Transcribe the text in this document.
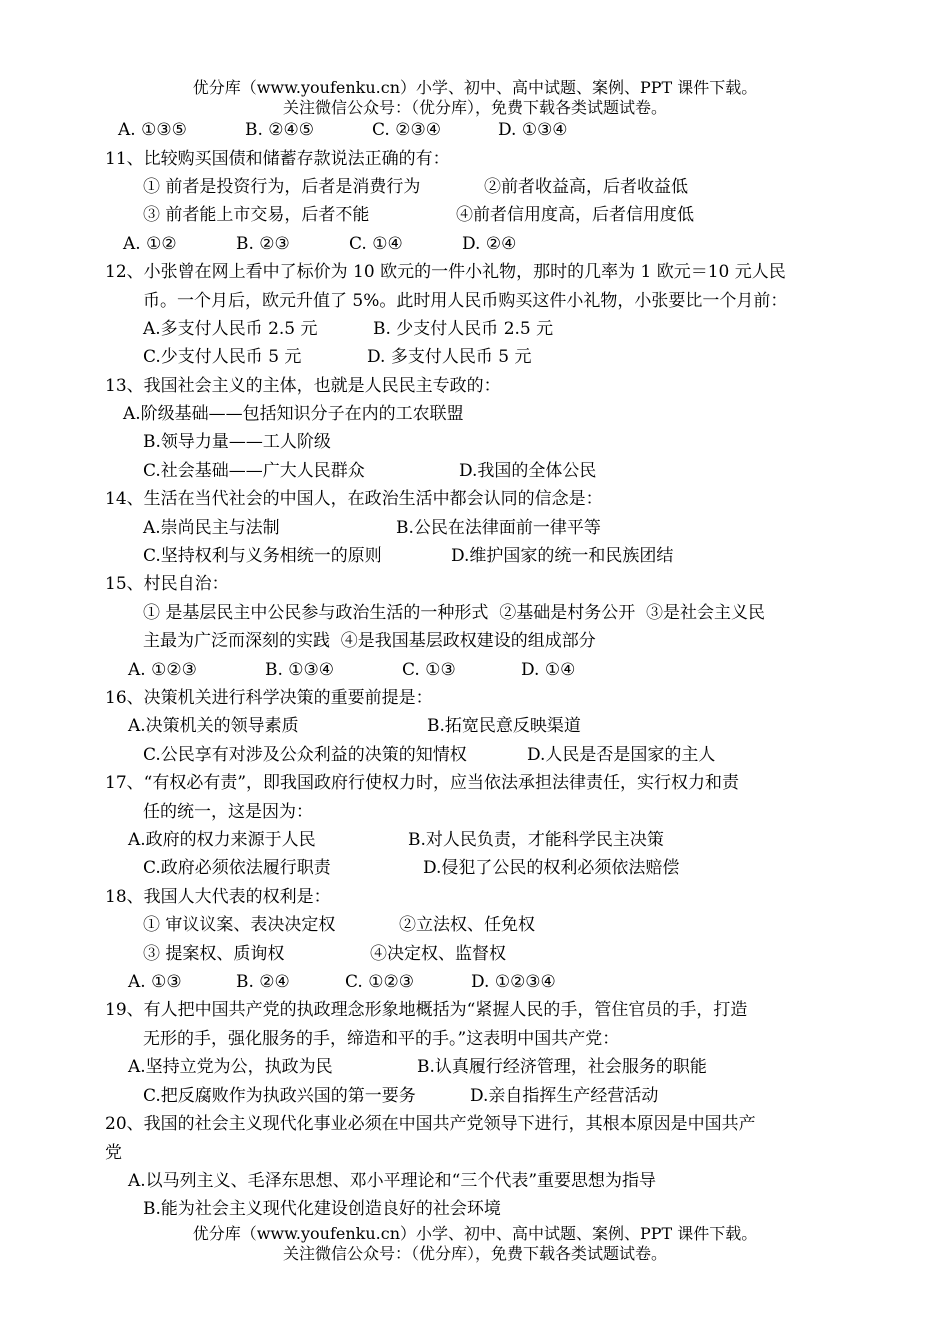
优分库（www.youfenku.cn）小学、初中、高中试题、案例、PPT 课件下载。
关注微信公众号：（优分库），免费下载各类试题试卷。
A. ①③⑤	B. ②④⑤	C. ②③④	D. ①③④
11、比较购买国债和储蓄存款说法正确的有：
① 前者是投资行为，后者是消费行为	②前者收益高，后者收益低
③ 前者能上市交易，后者不能	④前者信用度高，后者信用度低
A. ①②	B. ②③	C. ①④	D. ②④
12、小张曾在网上看中了标价为 10 欧元的一件小礼物，那时的几率为 1 欧元＝10 元人民
币。一个月后，欧元升值了 5%。此时用人民币购买这件小礼物，小张要比一个月前：
A.多支付人民币 2.5 元	B. 少支付人民币 2.5 元
C.少支付人民币 5 元	D. 多支付人民币 5 元
13、我国社会主义的主体，也就是人民民主专政的：
A.阶级基础——包括知识分子在内的工农联盟
B.领导力量——工人阶级
C.社会基础——广大人民群众	D.我国的全体公民
14、生活在当代社会的中国人，在政治生活中都会认同的信念是：
A.崇尚民主与法制	B.公民在法律面前一律平等
C.坚持权利与义务相统一的原则	D.维护国家的统一和民族团结
15、村民自治：
① 是基层民主中公民参与政治生活的一种形式  ②基础是村务公开  ③是社会主义民
主最为广泛而深刻的实践  ④是我国基层政权建设的组成部分
A. ①②③	B. ①③④	C. ①③	D. ①④
16、决策机关进行科学决策的重要前提是：
A.决策机关的领导素质	B.拓宽民意反映渠道
C.公民享有对涉及公众利益的决策的知情权	D.人民是否是国家的主人
17、“有权必有责”，即我国政府行使权力时，应当依法承担法律责任，实行权力和责
任的统一，这是因为：
A.政府的权力来源于人民	B.对人民负责，才能科学民主决策
C.政府必须依法履行职责	D.侵犯了公民的权利必须依法赔偿
18、我国人大代表的权利是：
① 审议议案、表决决定权	②立法权、任免权
③ 提案权、质询权	④决定权、监督权
A. ①③	B. ②④	C. ①②③	D. ①②③④
19、有人把中国共产党的执政理念形象地概括为“紧握人民的手，管住官员的手，打造
无形的手，强化服务的手，缔造和平的手。”这表明中国共产党：
A.坚持立党为公，执政为民	B.认真履行经济管理，社会服务的职能
C.把反腐败作为执政兴国的第一要务	D.亲自指挥生产经营活动
20、我国的社会主义现代化事业必须在中国共产党领导下进行，其根本原因是中国共产
党
A.以马列主义、毛泽东思想、邓小平理论和“三个代表”重要思想为指导
B.能为社会主义现代化建设创造良好的社会环境
优分库（www.youfenku.cn）小学、初中、高中试题、案例、PPT 课件下载。
关注微信公众号：（优分库），免费下载各类试题试卷。
